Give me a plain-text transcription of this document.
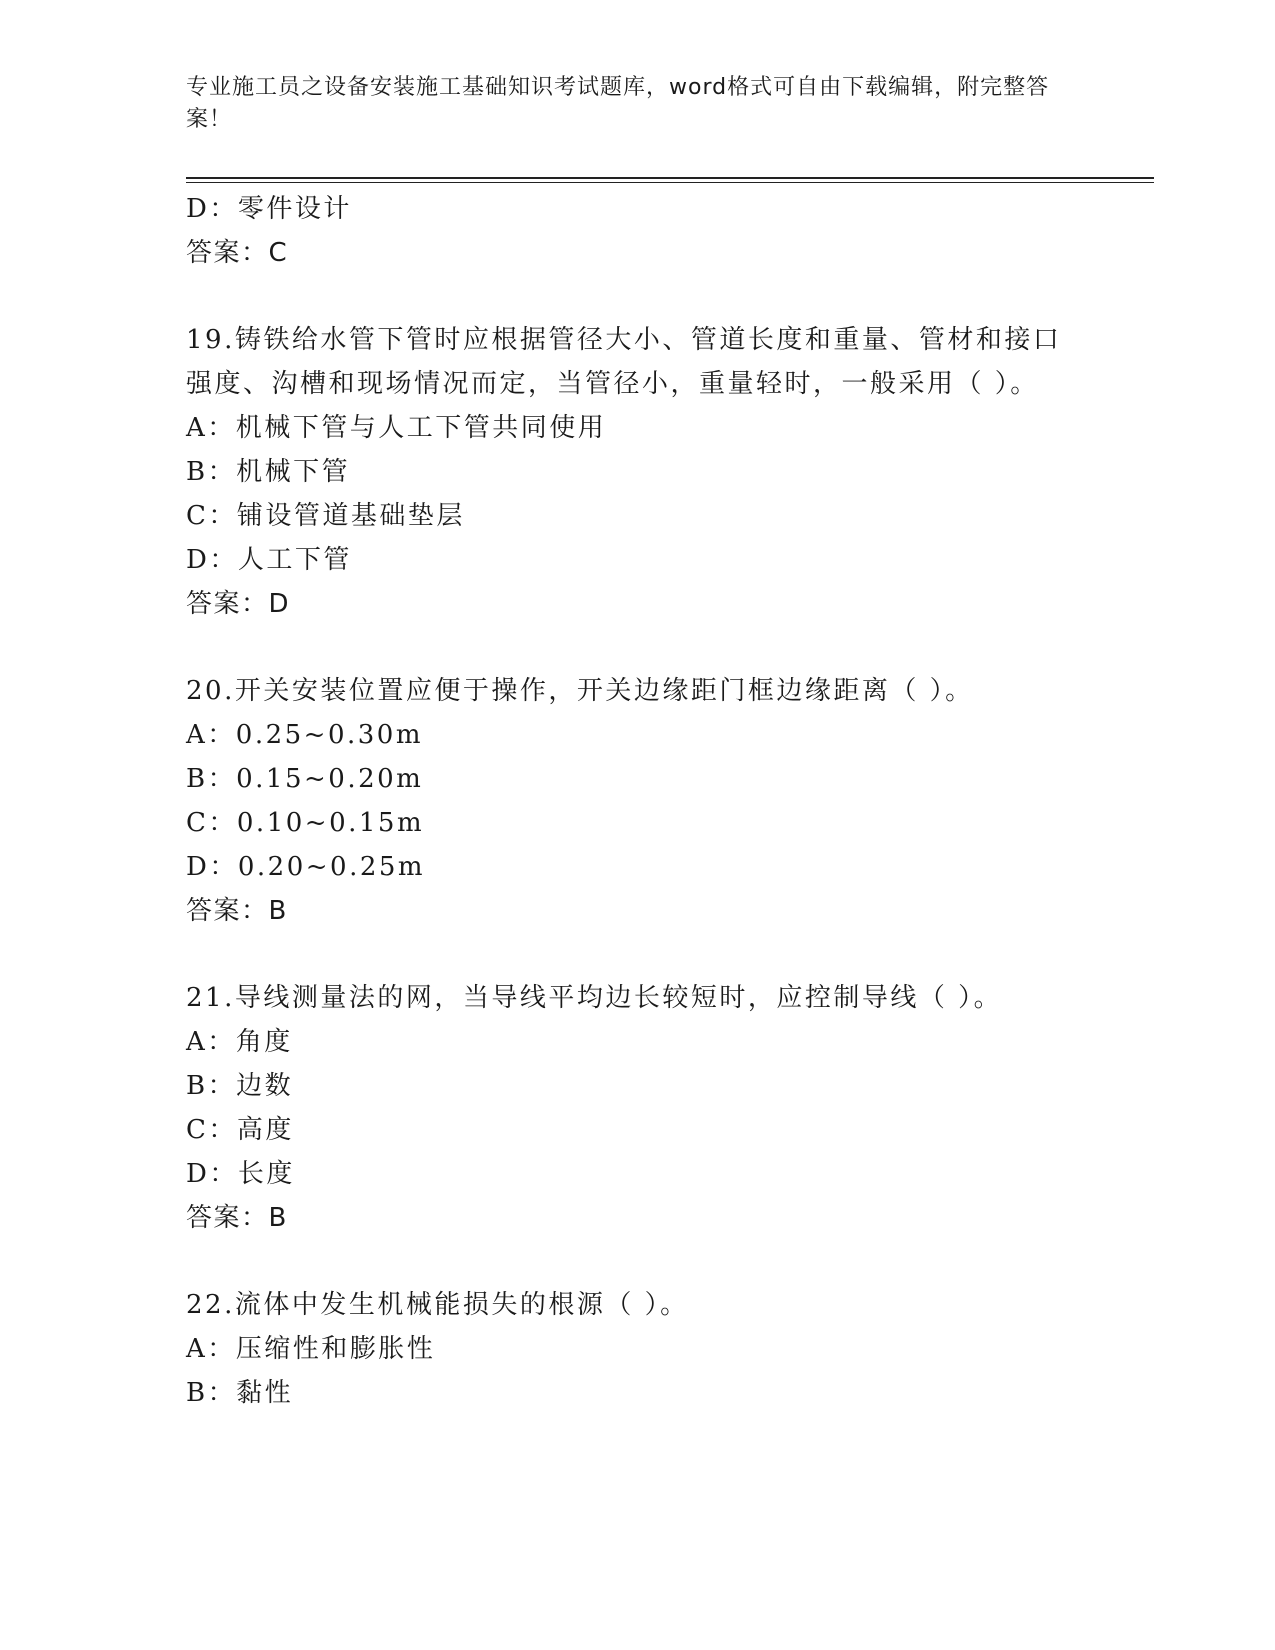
专业施工员之设备安装施工基础知识考试题库，word格式可自由下载编辑，附完整答案！
D：零件设计
答案：C
19.铸铁给水管下管时应根据管径大小、管道长度和重量、管材和接口
强度、沟槽和现场情况而定，当管径小，重量轻时，一般采用（ ）。
A：机械下管与人工下管共同使用
B：机械下管
C：铺设管道基础垫层
D：人工下管
答案：D
20.开关安装位置应便于操作，开关边缘距门框边缘距离（ ）。
A：0.25~0.30m
B：0.15~0.20m
C：0.10~0.15m
D：0.20~0.25m
答案：B
21.导线测量法的网，当导线平均边长较短时，应控制导线（ ）。
A：角度
B：边数
C：高度
D：长度
答案：B
22.流体中发生机械能损失的根源（ ）。
A：压缩性和膨胀性
B：黏性
